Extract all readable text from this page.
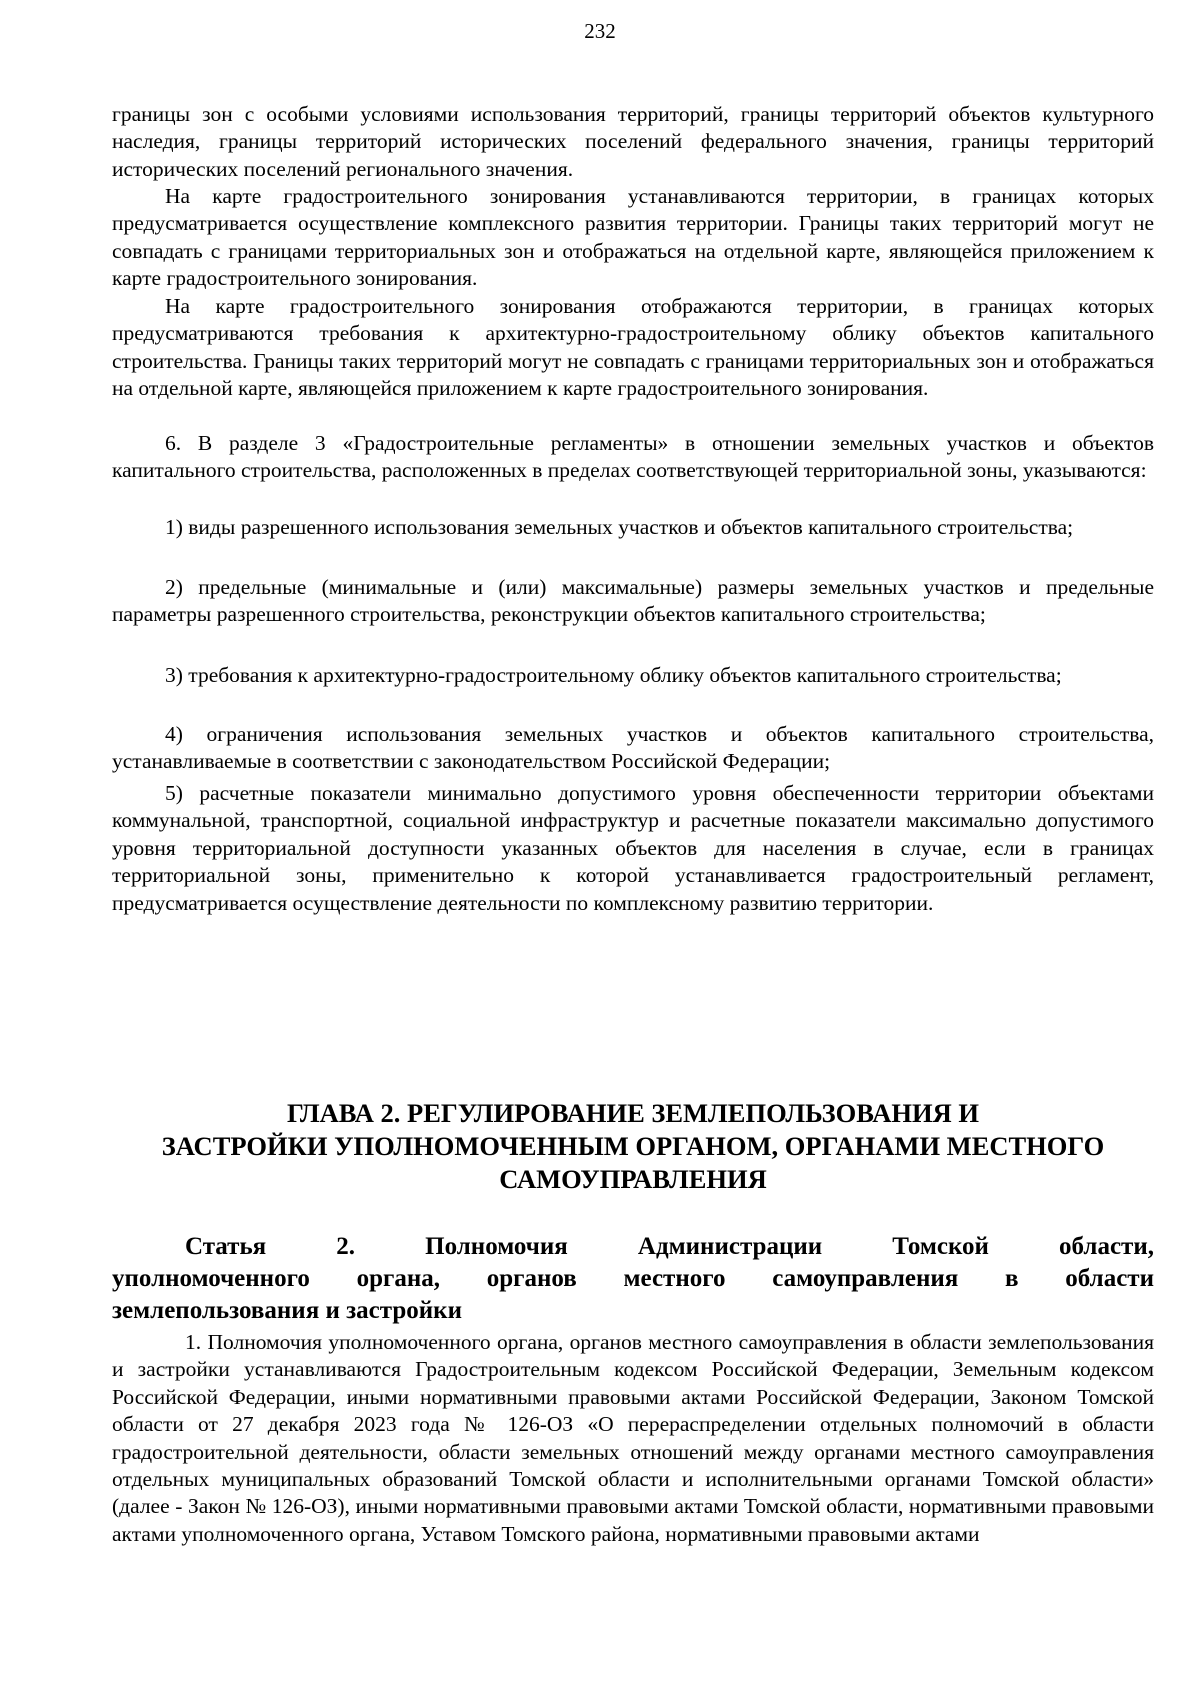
232

границы зон с особыми условиями использования территорий, границы территорий объектов культурного наследия, границы территорий исторических поселений федерального значения, границы территорий исторических поселений регионального значения.

На карте градостроительного зонирования устанавливаются территории, в границах которых предусматривается осуществление комплексного развития территории. Границы таких территорий могут не совпадать с границами территориальных зон и отображаться на отдельной карте, являющейся приложением к карте градостроительного зонирования.

На карте градостроительного зонирования отображаются территории, в границах которых предусматриваются требования к архитектурно-градостроительному облику объектов капитального строительства. Границы таких территорий могут не совпадать с границами территориальных зон и отображаться на отдельной карте, являющейся приложением к карте градостроительного зонирования.

6. В разделе 3 «Градостроительные регламенты» в отношении земельных участков и объектов капитального строительства, расположенных в пределах соответствующей территориальной зоны, указываются:

1) виды разрешенного использования земельных участков и объектов капитального строительства;

2) предельные (минимальные и (или) максимальные) размеры земельных участков и предельные параметры разрешенного строительства, реконструкции объектов капитального строительства;

3) требования к архитектурно-градостроительному облику объектов капитального строительства;

4) ограничения использования земельных участков и объектов капитального строительства, устанавливаемые в соответствии с законодательством Российской Федерации;

5) расчетные показатели минимально допустимого уровня обеспеченности территории объектами коммунальной, транспортной, социальной инфраструктур и расчетные показатели максимально допустимого уровня территориальной доступности указанных объектов для населения в случае, если в границах территориальной зоны, применительно к которой устанавливается градостроительный регламент, предусматривается осуществление деятельности по комплексному развитию территории.

ГЛАВА 2. РЕГУЛИРОВАНИЕ ЗЕМЛЕПОЛЬЗОВАНИЯ И
ЗАСТРОЙКИ УПОЛНОМОЧЕННЫМ ОРГАНОМ, ОРГАНАМИ МЕСТНОГО
САМОУПРАВЛЕНИЯ
Статья 2. Полномочия Администрации Томской области,
уполномоченного органа, органов местного самоуправления в области
землепользования и застройки

1. Полномочия уполномоченного органа, органов местного самоуправления в области землепользования и застройки устанавливаются Градостроительным кодексом Российской Федерации, Земельным кодексом Российской Федерации, иными нормативными правовыми актами Российской Федерации, Законом Томской области от 27 декабря 2023 года № 126-ОЗ «О перераспределении отдельных полномочий в области градостроительной деятельности, области земельных отношений между органами местного самоуправления отдельных муниципальных образований Томской области и исполнительными органами Томской области» (далее - Закон № 126-ОЗ), иными нормативными правовыми актами Томской области, нормативными правовыми актами уполномоченного органа, Уставом Томского района, нормативными правовыми актами
